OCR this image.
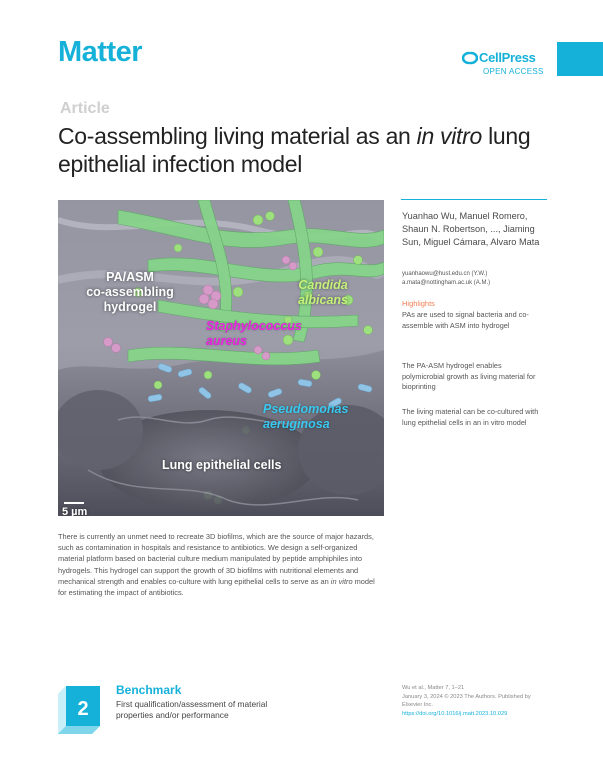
Matter	CellPress
OPEN ACCESS
Article
Co-assembling living material as an in vitro lung epithelial infection model
PA/ASM
co-assembling
hydrogel
Candida
albicans
Staphylococcus
aureus
Pseudomonas
aeruginosa
Lung epithelial cells
5 µm
Yuanhao Wu, Manuel Romero, Shaun N. Robertson, ..., Jiaming Sun, Miguel Cámara, Alvaro Mata
yuanhaowu@hust.edu.cn (Y.W.)
a.mata@nottingham.ac.uk (A.M.)
Highlights
PAs are used to signal bacteria and co-assemble with ASM into hydrogel
The PA-ASM hydrogel enables polymicrobial growth as living material for bioprinting
The living material can be co-cultured with lung epithelial cells in an in vitro model
There is currently an unmet need to recreate 3D biofilms, which are the source of major hazards, such as contamination in hospitals and resistance to antibiotics. We design a self-organized material platform based on bacterial culture medium manipulated by peptide amphiphiles into hydrogels. This hydrogel can support the growth of 3D biofilms with nutritional elements and mechanical strength and enables co-culture with lung epithelial cells to serve as an in vitro model for estimating the impact of antibiotics.
2
Benchmark
First qualification/assessment of material properties and/or performance
Wu et al., Matter 7, 1–21
January 3, 2024 © 2023 The Authors. Published by Elsevier Inc.
https://doi.org/10.1016/j.matt.2023.10.029
